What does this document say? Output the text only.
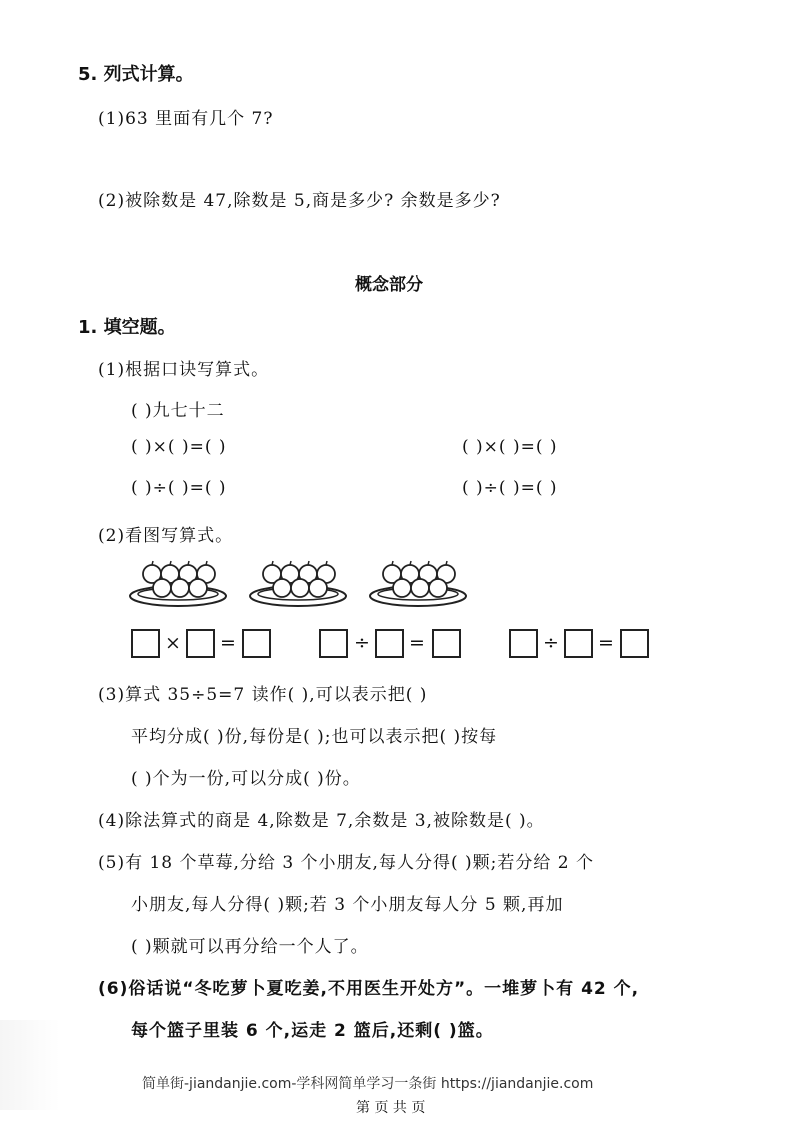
5. 列式计算。
(1)63 里面有几个 7?
(2)被除数是 47,除数是 5,商是多少? 余数是多少?
概念部分
1. 填空题。
(1)根据口诀写算式。
( )九七十二
( )×( )=( )	( )×( )=( )
( )÷( )=( )	( )÷( )=( )
(2)看图写算式。
× =	÷ =	÷ =
(3)算式 35÷5=7 读作( ),可以表示把( )
平均分成( )份,每份是( );也可以表示把( )按每
( )个为一份,可以分成( )份。
(4)除法算式的商是 4,除数是 7,余数是 3,被除数是( )。
(5)有 18 个草莓,分给 3 个小朋友,每人分得( )颗;若分给 2 个
小朋友,每人分得( )颗;若 3 个小朋友每人分 5 颗,再加
( )颗就可以再分给一个人了。
(6)俗话说“冬吃萝卜夏吃姜,不用医生开处方”。一堆萝卜有 42 个,
每个篮子里装 6 个,运走 2 篮后,还剩( )篮。
简单街-jiandanjie.com-学科网简单学习一条街 https://jiandanjie.com
第 页 共 页
